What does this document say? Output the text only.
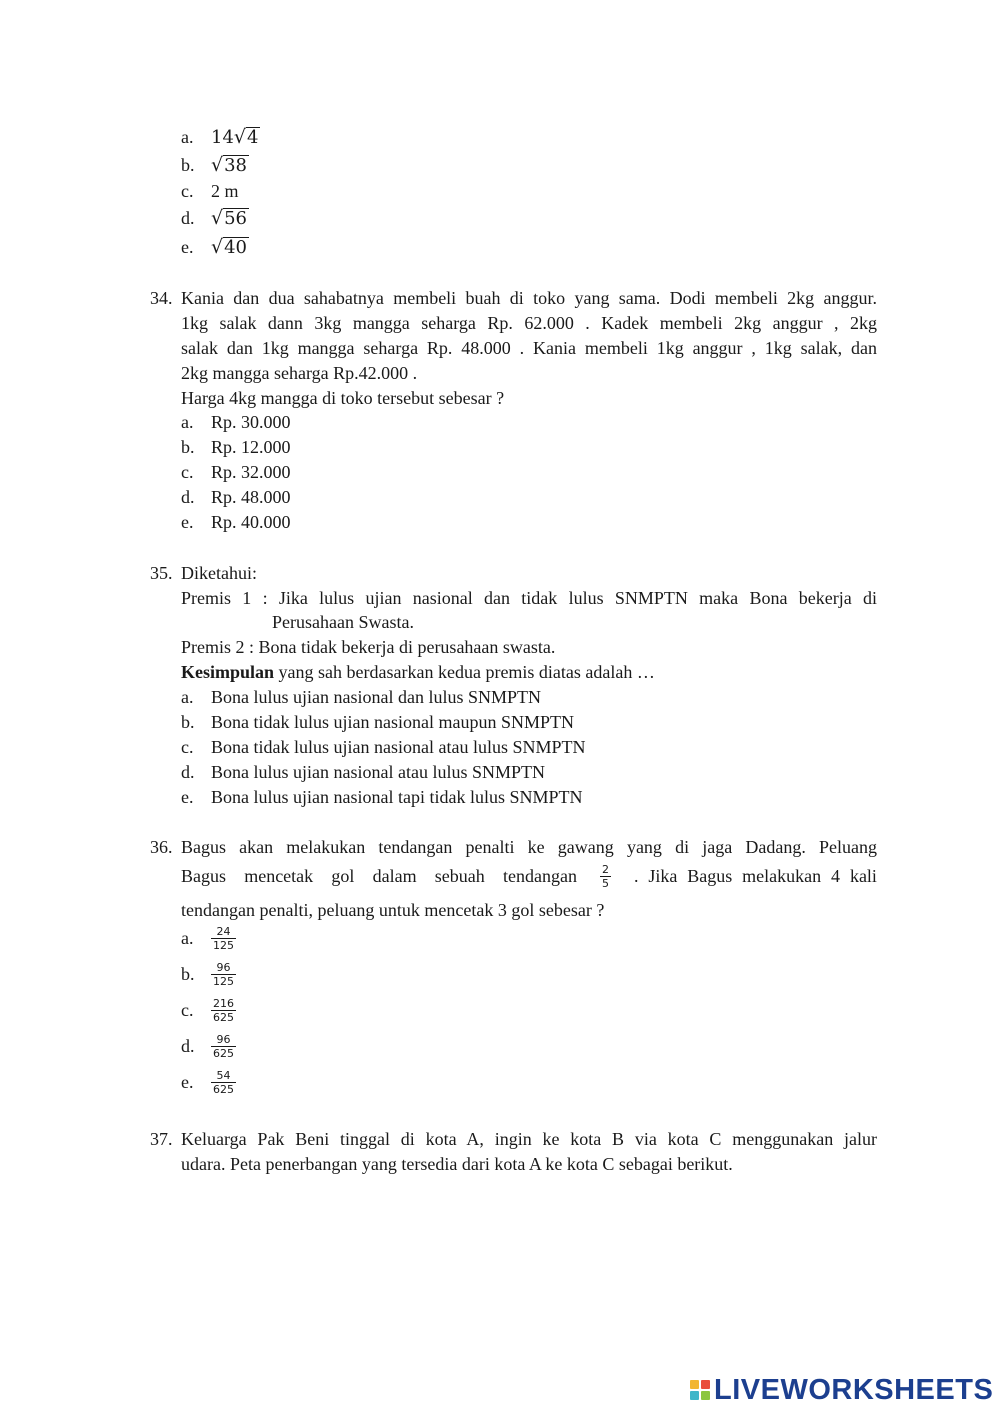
a. 14 √ 4
b. √ 38
c. 2 m
d. √ 56
e. √ 40
34. Kania dan dua sahabatnya membeli buah di toko yang sama. Dodi membeli 2kg anggur.
1kg salak dann 3kg mangga seharga Rp. 62.000 . Kadek membeli 2kg anggur , 2kg
salak dan 1kg mangga seharga Rp. 48.000 . Kania membeli 1kg anggur , 1kg salak, dan
2kg mangga seharga Rp.42.000 .
Harga 4kg mangga di toko tersebut sebesar ?
a. Rp. 30.000
b. Rp. 12.000
c. Rp. 32.000
d. Rp. 48.000
e. Rp. 40.000
35. Diketahui:
Premis 1 : Jika lulus ujian nasional dan tidak lulus SNMPTN maka Bona bekerja di
Perusahaan Swasta.
Premis 2 : Bona tidak bekerja di perusahaan swasta.
Kesimpulan yang sah berdasarkan kedua premis diatas adalah …
a. Bona lulus ujian nasional dan lulus SNMPTN
b. Bona tidak lulus ujian nasional maupun SNMPTN
c. Bona tidak lulus ujian nasional atau lulus SNMPTN
d. Bona lulus ujian nasional atau lulus SNMPTN
e. Bona lulus ujian nasional tapi tidak lulus SNMPTN
36. Bagus akan melakukan tendangan penalti ke gawang yang di jaga Dadang. Peluang
Bagus mencetak gol dalam sebuah tendangan $\frac{2}{5}$ . Jika Bagus melakukan 4 kali
tendangan penalti, peluang untuk mencetak 3 gol sebesar ?
a.	$\frac{24}{125}$
b.	$\frac{96}{125}$
c.	$\frac{216}{625}$
d.	$\frac{96}{625}$
e.	$\frac{54}{625}$
37. Keluarga Pak Beni tinggal di kota A, ingin ke kota B via kota C menggunakan jalur
udara. Peta penerbangan yang tersedia dari kota A ke kota C sebagai berikut.
LIVEWORKSHEETS
